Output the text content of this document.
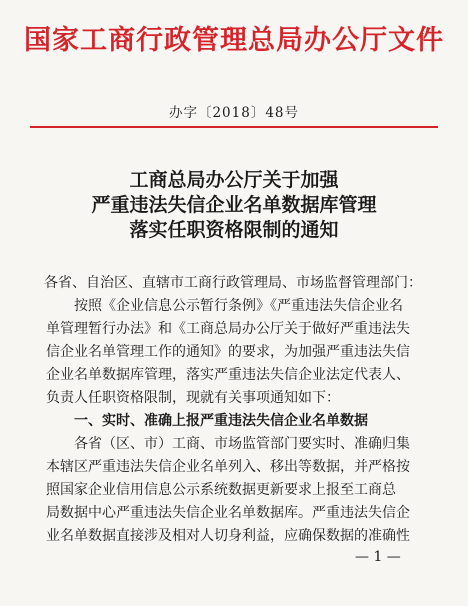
国家工商行政管理总局办公厅文件
办字〔2018〕48号
工商总局办公厅关于加强
严重违法失信企业名单数据库管理
落实任职资格限制的通知
各省、自治区、直辖市工商行政管理局、市场监督管理部门：
按照《企业信息公示暂行条例》《严重违法失信企业名
单管理暂行办法》和《工商总局办公厅关于做好严重违法失
信企业名单管理工作的通知》的要求，为加强严重违法失信
企业名单数据库管理，落实严重违法失信企业法定代表人、
负责人任职资格限制，现就有关事项通知如下：
一、实时、准确上报严重违法失信企业名单数据
各省（区、市）工商、市场监管部门要实时、准确归集
本辖区严重违法失信企业名单列入、移出等数据，并严格按
照国家企业信用信息公示系统数据更新要求上报至工商总
局数据中心严重违法失信企业名单数据库。严重违法失信企
业名单数据直接涉及相对人切身利益，应确保数据的准确性
— 1 —
